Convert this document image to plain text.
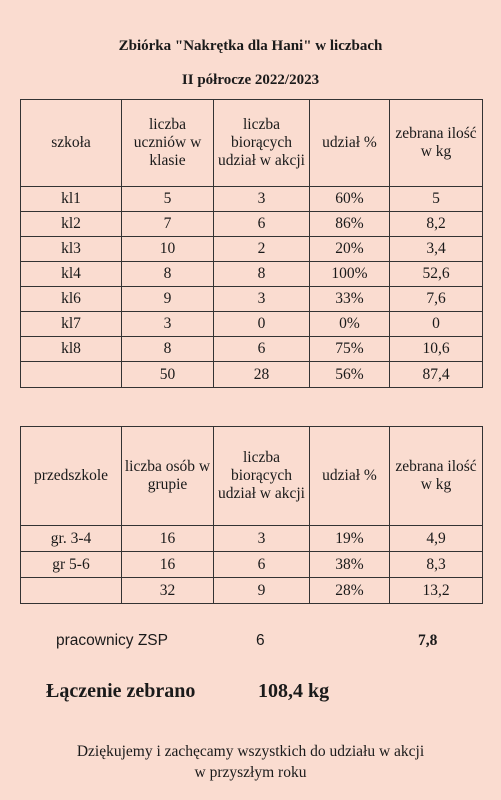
Zbiórka "Nakrętka dla Hani" w liczbach
II półrocze 2022/2023
szkoła	liczba uczniów w klasie	liczba biorących udział w akcji	udział %	zebrana ilość w kg
kl1	5	3	60%	5
kl2	7	6	86%	8,2
kl3	10	2	20%	3,4
kl4	8	8	100%	52,6
kl6	9	3	33%	7,6
kl7	3	0	0%	0
kl8	8	6	75%	10,6
	50	28	56%	87,4
przedszkole	liczba osób w grupie	liczba biorących udział w akcji	udział %	zebrana ilość w kg
gr. 3-4	16	3	19%	4,9
gr 5-6	16	6	38%	8,3
	32	9	28%	13,2
pracownicy ZSP	6	7,8
Łączenie zebrano	108,4 kg
Dziękujemy i zachęcamy wszystkich do udziału w akcji
w przyszłym roku
